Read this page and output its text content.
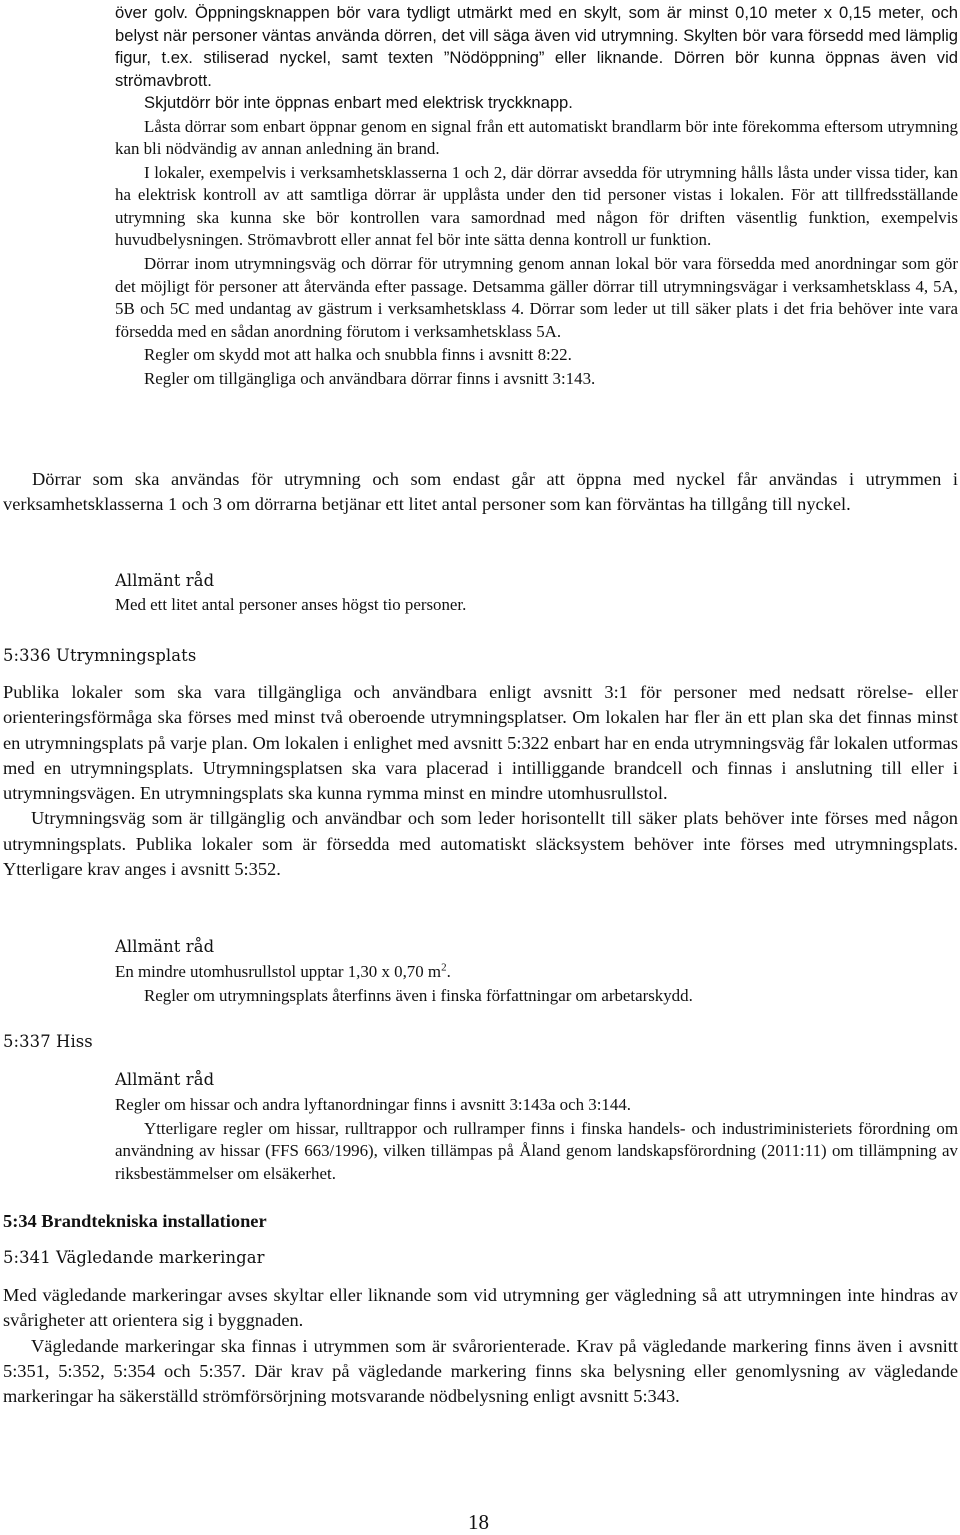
över golv. Öppningsknappen bör vara tydligt utmärkt med en skylt, som är minst 0,10 meter x 0,15 meter, och belyst när personer väntas använda dörren, det vill säga även vid utrymning. Skylten bör vara försedd med lämplig figur, t.ex. stiliserad nyckel, samt texten ”Nödöppning” eller liknande. Dörren bör kunna öppnas även vid strömavbrott.

Skjutdörr bör inte öppnas enbart med elektrisk tryckknapp.

Låsta dörrar som enbart öppnar genom en signal från ett automatiskt brandlarm bör inte förekomma eftersom utrymning kan bli nödvändig av annan anledning än brand.

I lokaler, exempelvis i verksamhetsklasserna 1 och 2, där dörrar avsedda för utrymning hålls låsta under vissa tider, kan ha elektrisk kontroll av att samtliga dörrar är upplåsta under den tid personer vistas i lokalen. För att tillfredsställande utrymning ska kunna ske bör kontrollen vara samordnad med någon för driften väsentlig funktion, exempelvis huvudbelysningen. Strömavbrott eller annat fel bör inte sätta denna kontroll ur funktion.

Dörrar inom utrymningsväg och dörrar för utrymning genom annan lokal bör vara försedda med anordningar som gör det möjligt för personer att återvända efter passage. Detsamma gäller dörrar till utrymningsvägar i verksamhetsklass 4, 5A, 5B och 5C med undantag av gästrum i verksamhetsklass 4. Dörrar som leder ut till säker plats i det fria behöver inte vara försedda med en sådan anordning förutom i verksamhetsklass 5A.

Regler om skydd mot att halka och snubbla finns i avsnitt 8:22.

Regler om tillgängliga och användbara dörrar finns i avsnitt 3:143.

Dörrar som ska användas för utrymning och som endast går att öppna med nyckel får användas i utrymmen i verksamhetsklasserna 1 och 3 om dörrarna betjänar ett litet antal personer som kan förväntas ha tillgång till nyckel.

Allmänt råd

Med ett litet antal personer anses högst tio personer.

5:336 Utrymningsplats

Publika lokaler som ska vara tillgängliga och användbara enligt avsnitt 3:1 för personer med nedsatt rörelse- eller orienteringsförmåga ska förses med minst två oberoende utrymningsplatser. Om lokalen har fler än ett plan ska det finnas minst en utrymningsplats på varje plan. Om lokalen i enlighet med avsnitt 5:322 enbart har en enda utrymningsväg får lokalen utformas med en utrymningsplats. Utrymningsplatsen ska vara placerad i intilliggande brandcell och finnas i anslutning till eller i utrymningsvägen. En utrymningsplats ska kunna rymma minst en mindre utomhusrullstol.

Utrymningsväg som är tillgänglig och användbar och som leder horisontellt till säker plats behöver inte förses med någon utrymningsplats. Publika lokaler som är försedda med automatiskt släcksystem behöver inte förses med utrymningsplats. Ytterligare krav anges i avsnitt 5:352.

Allmänt råd

En mindre utomhusrullstol upptar 1,30 x 0,70 $m^2$.

Regler om utrymningsplats återfinns även i finska författningar om arbetarskydd.

5:337 Hiss

Allmänt råd

Regler om hissar och andra lyftanordningar finns i avsnitt 3:143a och 3:144.

Ytterligare regler om hissar, rulltrappor och rullramper finns i finska handels- och industriministeriets förordning om användning av hissar (FFS 663/1996), vilken tillämpas på Åland genom landskapsförordning (2011:11) om tillämpning av riksbestämmelser om elsäkerhet.

5:34 Brandtekniska installationer
5:341 Vägledande markeringar

Med vägledande markeringar avses skyltar eller liknande som vid utrymning ger vägledning så att utrymningen inte hindras av svårigheter att orientera sig i byggnaden.

Vägledande markeringar ska finnas i utrymmen som är svårorienterade. Krav på vägledande markering finns även i avsnitt 5:351, 5:352, 5:354 och 5:357. Där krav på vägledande markering finns ska belysning eller genomlysning av vägledande markeringar ha säkerställd strömförsörjning motsvarande nödbelysning enligt avsnitt 5:343.

18
